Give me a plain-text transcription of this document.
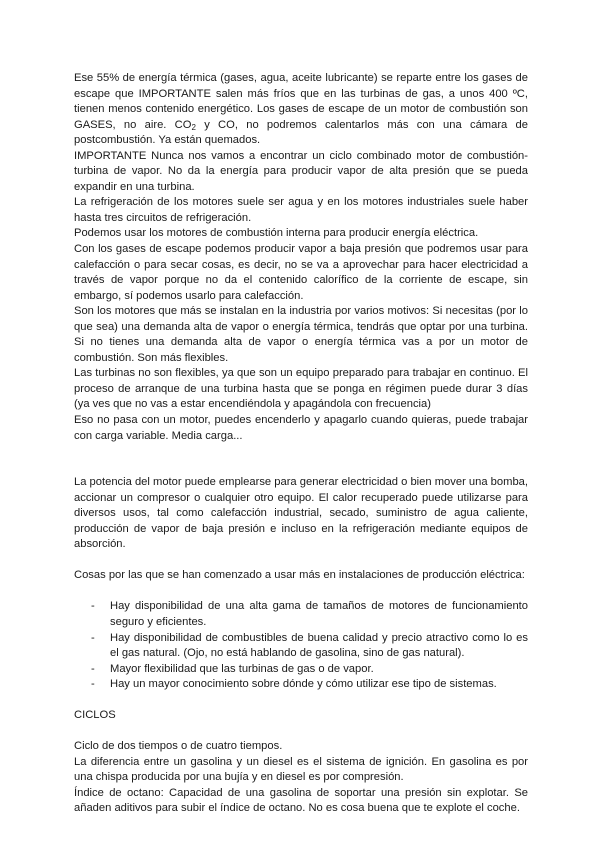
Ese 55% de energía térmica (gases, agua, aceite lubricante) se reparte entre los gases de escape que IMPORTANTE salen más fríos que en las turbinas de gas, a unos 400 ºC, tienen menos contenido energético. Los gases de escape de un motor de combustión son GASES, no aire. $CO_2$ y CO, no podremos calentarlos más con una cámara de postcombustión. Ya están quemados.

IMPORTANTE Nunca nos vamos a encontrar un ciclo combinado motor de combustión-turbina de vapor. No da la energía para producir vapor de alta presión que se pueda expandir en una turbina.

La refrigeración de los motores suele ser agua y en los motores industriales suele haber hasta tres circuitos de refrigeración.

Podemos usar los motores de combustión interna para producir energía eléctrica.

Con los gases de escape podemos producir vapor a baja presión que podremos usar para calefacción o para secar cosas, es decir, no se va a aprovechar para hacer electricidad a través de vapor porque no da el contenido calorífico de la corriente de escape, sin embargo, sí podemos usarlo para calefacción.

Son los motores que más se instalan en la industria por varios motivos: Si necesitas (por lo que sea) una demanda alta de vapor o energía térmica, tendrás que optar por una turbina. Si no tienes una demanda alta de vapor o energía térmica vas a por un motor de combustión. Son más flexibles.

Las turbinas no son flexibles, ya que son un equipo preparado para trabajar en continuo. El proceso de arranque de una turbina hasta que se ponga en régimen puede durar 3 días (ya ves que no vas a estar encendiéndola y apagándola con frecuencia)

Eso no pasa con un motor, puedes encenderlo y apagarlo cuando quieras, puede trabajar con carga variable. Media carga...

La potencia del motor puede emplearse para generar electricidad o bien mover una bomba, accionar un compresor o cualquier otro equipo. El calor recuperado puede utilizarse para diversos usos, tal como calefacción industrial, secado, suministro de agua caliente, producción de vapor de baja presión e incluso en la refrigeración mediante equipos de absorción.

Cosas por las que se han comenzado a usar más en instalaciones de producción eléctrica:

- Hay disponibilidad de una alta gama de tamaños de motores de funcionamiento seguro y eficientes.
- Hay disponibilidad de combustibles de buena calidad y precio atractivo como lo es el gas natural. (Ojo, no está hablando de gasolina, sino de gas natural).
- Mayor flexibilidad que las turbinas de gas o de vapor.
- Hay un mayor conocimiento sobre dónde y cómo utilizar ese tipo de sistemas.

CICLOS

Ciclo de dos tiempos o de cuatro tiempos.

La diferencia entre un gasolina y un diesel es el sistema de ignición. En gasolina es por una chispa producida por una bujía y en diesel es por compresión.

Índice de octano: Capacidad de una gasolina de soportar una presión sin explotar. Se añaden aditivos para subir el índice de octano. No es cosa buena que te explote el coche.
